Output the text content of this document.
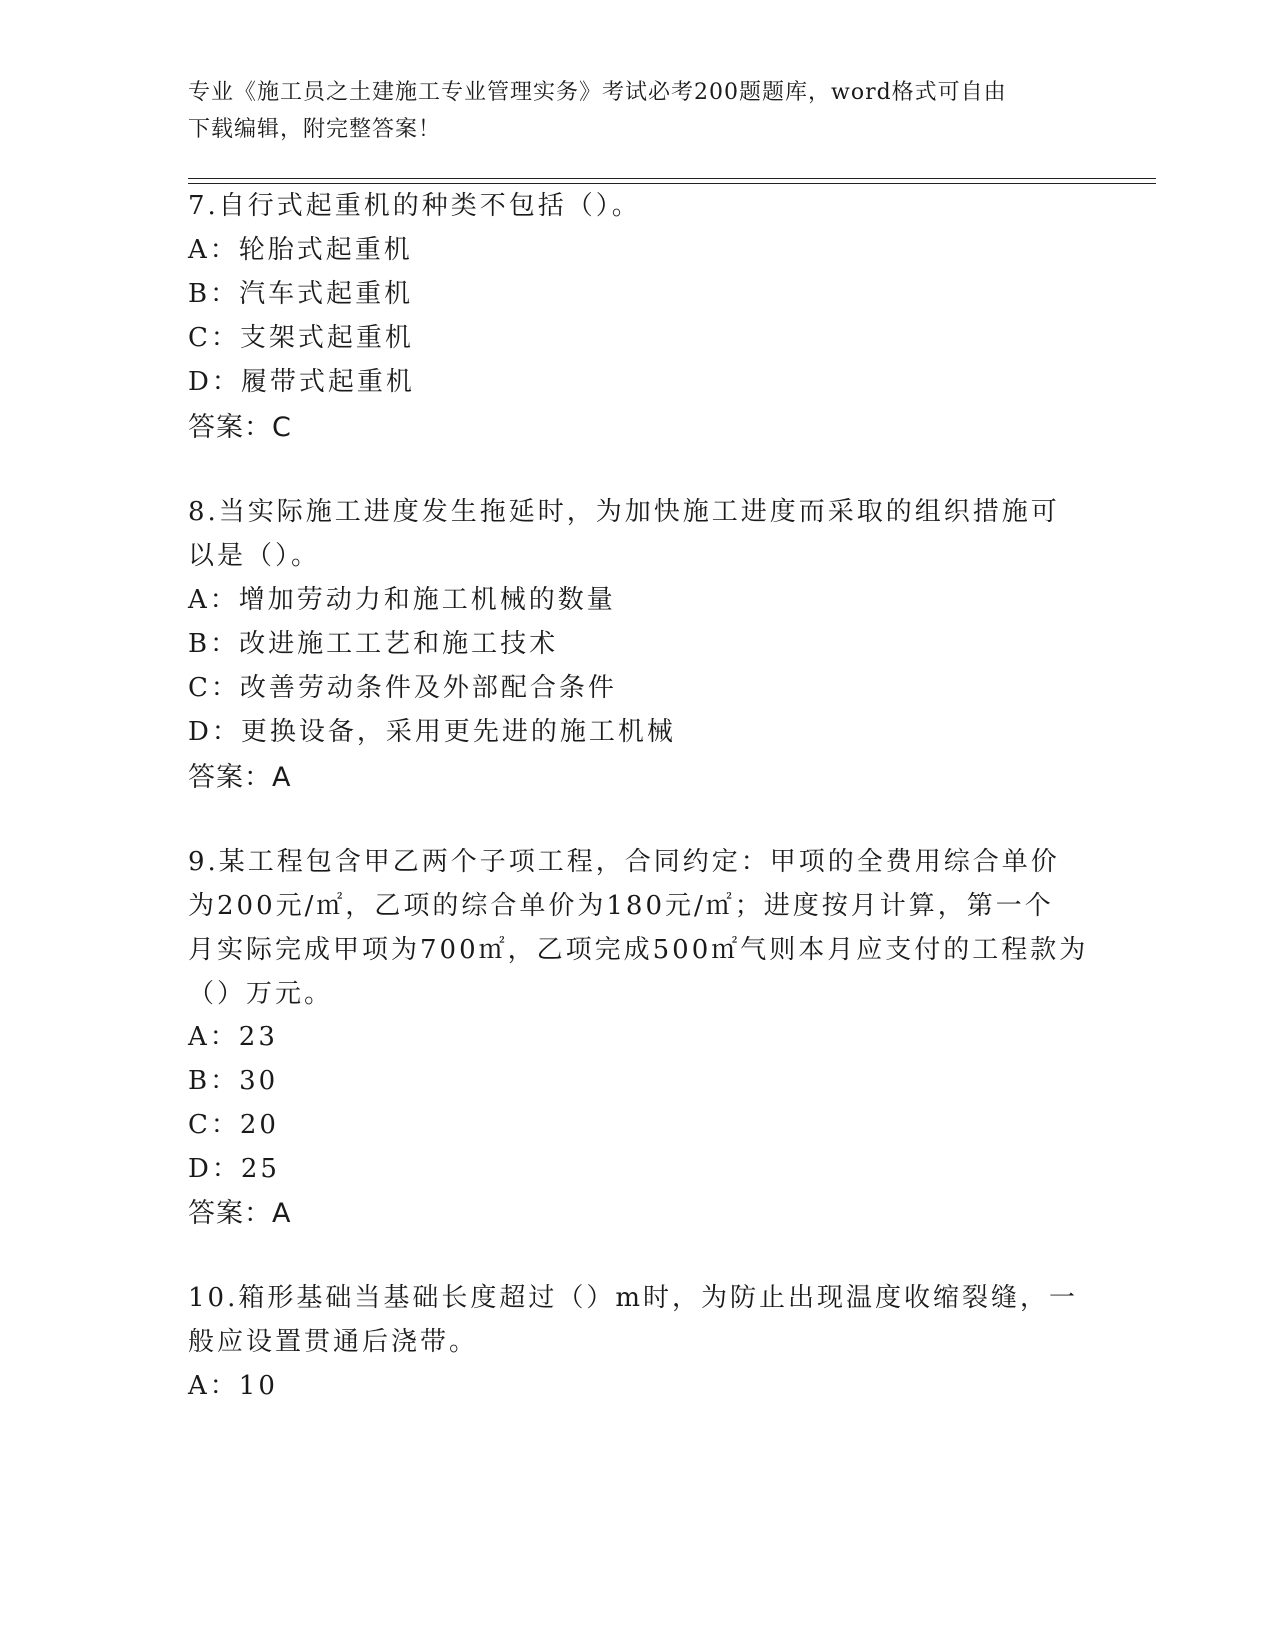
专业《施工员之土建施工专业管理实务》考试必考200题题库，word格式可自由
下载编辑，附完整答案！
7.自行式起重机的种类不包括（）。
A：轮胎式起重机
B：汽车式起重机
C：支架式起重机
D：履带式起重机
答案：C
8.当实际施工进度发生拖延时，为加快施工进度而采取的组织措施可
以是（）。
A：增加劳动力和施工机械的数量
B：改进施工工艺和施工技术
C：改善劳动条件及外部配合条件
D：更换设备，采用更先进的施工机械
答案：A
9.某工程包含甲乙两个子项工程，合同约定：甲项的全费用综合单价
为200元/㎡，乙项的综合单价为180元/㎡；进度按月计算，第一个
月实际完成甲项为700㎡，乙项完成500㎡气则本月应支付的工程款为
（）万元。
A：23
B：30
C：20
D：25
答案：A
10.箱形基础当基础长度超过（）m时，为防止出现温度收缩裂缝，一
般应设置贯通后浇带。
A：10
